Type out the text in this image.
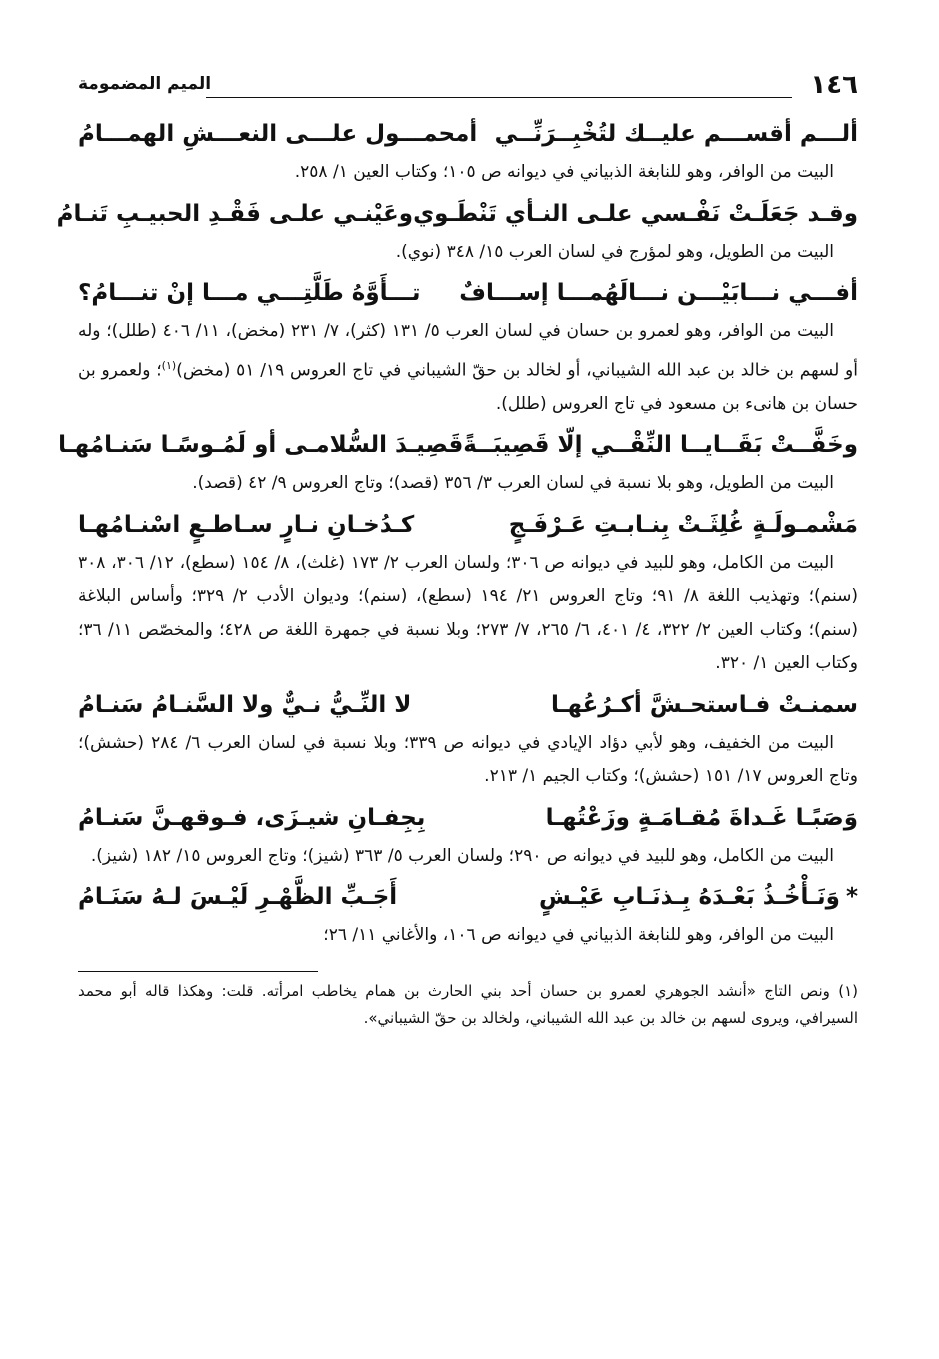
١٤٦
الميم المضمومة
ألـــم أقســـم عليــك لتُخْبِــرَنِّــي
أمحمـــول علـــى النعـــشِ الهمـــامُ

البيت من الوافر، وهو للنابغة الذبياني في ديوانه ص ١٠٥؛ وكتاب العين ١/ ٢٥٨.

وقـد جَعَلَـتْ نَفْـسي علـى النـأي تَنْطَـوي
وعَيْنـي علـى فَقْـدِ الحبيـبِ تَنـامُ

البيت من الطويل، وهو لمؤرج في لسان العرب ١٥/ ٣٤٨ (نوي).

أفـــي نـــابَيْـــن نـــالَهُمـــا إســـافٌ
تـــأَوَّهُ طَلَّتِـــي مـــا إنْ تنـــامُ؟

البيت من الوافر، وهو لعمرو بن حسان في لسان العرب ٥/ ١٣١ (كثر)، ٧/ ٢٣١ (مخض)، ١١/ ٤٠٦ (طلل)؛ وله أو لسهم بن خالد بن عبد الله الشيباني، أو لخالد بن حقّ الشيباني في تاج العروس ١٩/ ٥١ (مخض)$^{(١)}$؛ ولعمرو بن حسان بن هانىء بن مسعود في تاج العروس (طلل).

وخَفَّــتْ بَقَــايــا النِّقْــي إلّا قَصِيبَــةً
قَصِيـدَ السُّلامـى أو لَمُـوسًـا سَنـامُهـا

البيت من الطويل، وهو بلا نسبة في لسان العرب ٣/ ٣٥٦ (قصد)؛ وتاج العروس ٩/ ٤٢ (قصد).

مَشْمـولَـةٍ غُلِثَـتْ بِنـابـتِ عَـرْفَـجٍ
كـدُخـانِ نـارٍ سـاطـعٍ اسْنـامُهـا

البيت من الكامل، وهو للبيد في ديوانه ص ٣٠٦؛ ولسان العرب ٢/ ١٧٣ (غلث)، ٨/ ١٥٤ (سطع)، ١٢/ ٣٠٦، ٣٠٨ (سنم)؛ وتهذيب اللغة ٨/ ٩١؛ وتاج العروس ٢١/ ١٩٤ (سطع)، (سنم)؛ وديوان الأدب ٢/ ٣٢٩؛ وأساس البلاغة (سنم)؛ وكتاب العين ٢/ ٣٢٢، ٤/ ٤٠١، ٦/ ٢٦٥، ٧/ ٢٧٣؛ وبلا نسبة في جمهرة اللغة ص ٤٢٨؛ والمخصّص ١١/ ٣٦؛ وكتاب العين ١/ ٣٢٠.

سمنـتْ فـاستحـشَّ أكـرُعُهـا
لا النِّـيُّ نـيٌّ ولا السَّنـامُ سَنـامُ

البيت من الخفيف، وهو لأبي دؤاد الإيادي في ديوانه ص ٣٣٩؛ وبلا نسبة في لسان العرب ٦/ ٢٨٤ (حشش)؛ وتاج العروس ١٧/ ١٥١ (حشش)؛ وكتاب الجيم ١/ ٢١٣.

وَصَبًـا غَـداةَ مُقـامَـةٍ وزَعْتُهـا
بِجِفـانِ شيـزَى، فـوقهـنَّ سَنـامُ

البيت من الكامل، وهو للبيد في ديوانه ص ٢٩٠؛ ولسان العرب ٥/ ٣٦٣ (شيز)؛ وتاج العروس ١٥/ ١٨٢ (شيز).

*وَنَـأْخُـذُ بَعْـدَهُ بِـذنَـابِ عَيْـشٍ
أَجَـبِّ الظَّهْـرِ لَيْـسَ لـهُ سَنَـامُ

البيت من الوافر، وهو للنابغة الذبياني في ديوانه ص ١٠٦، والأغاني ١١/ ٢٦؛

(١) ونص التاج «أنشد الجوهري لعمرو بن حسان أحد بني الحارث بن همام يخاطب امرأته. قلت: وهكذا قاله أبو محمد السيرافي، ويروى لسهم بن خالد بن عبد الله الشيباني، ولخالد بن حقّ الشيباني».
